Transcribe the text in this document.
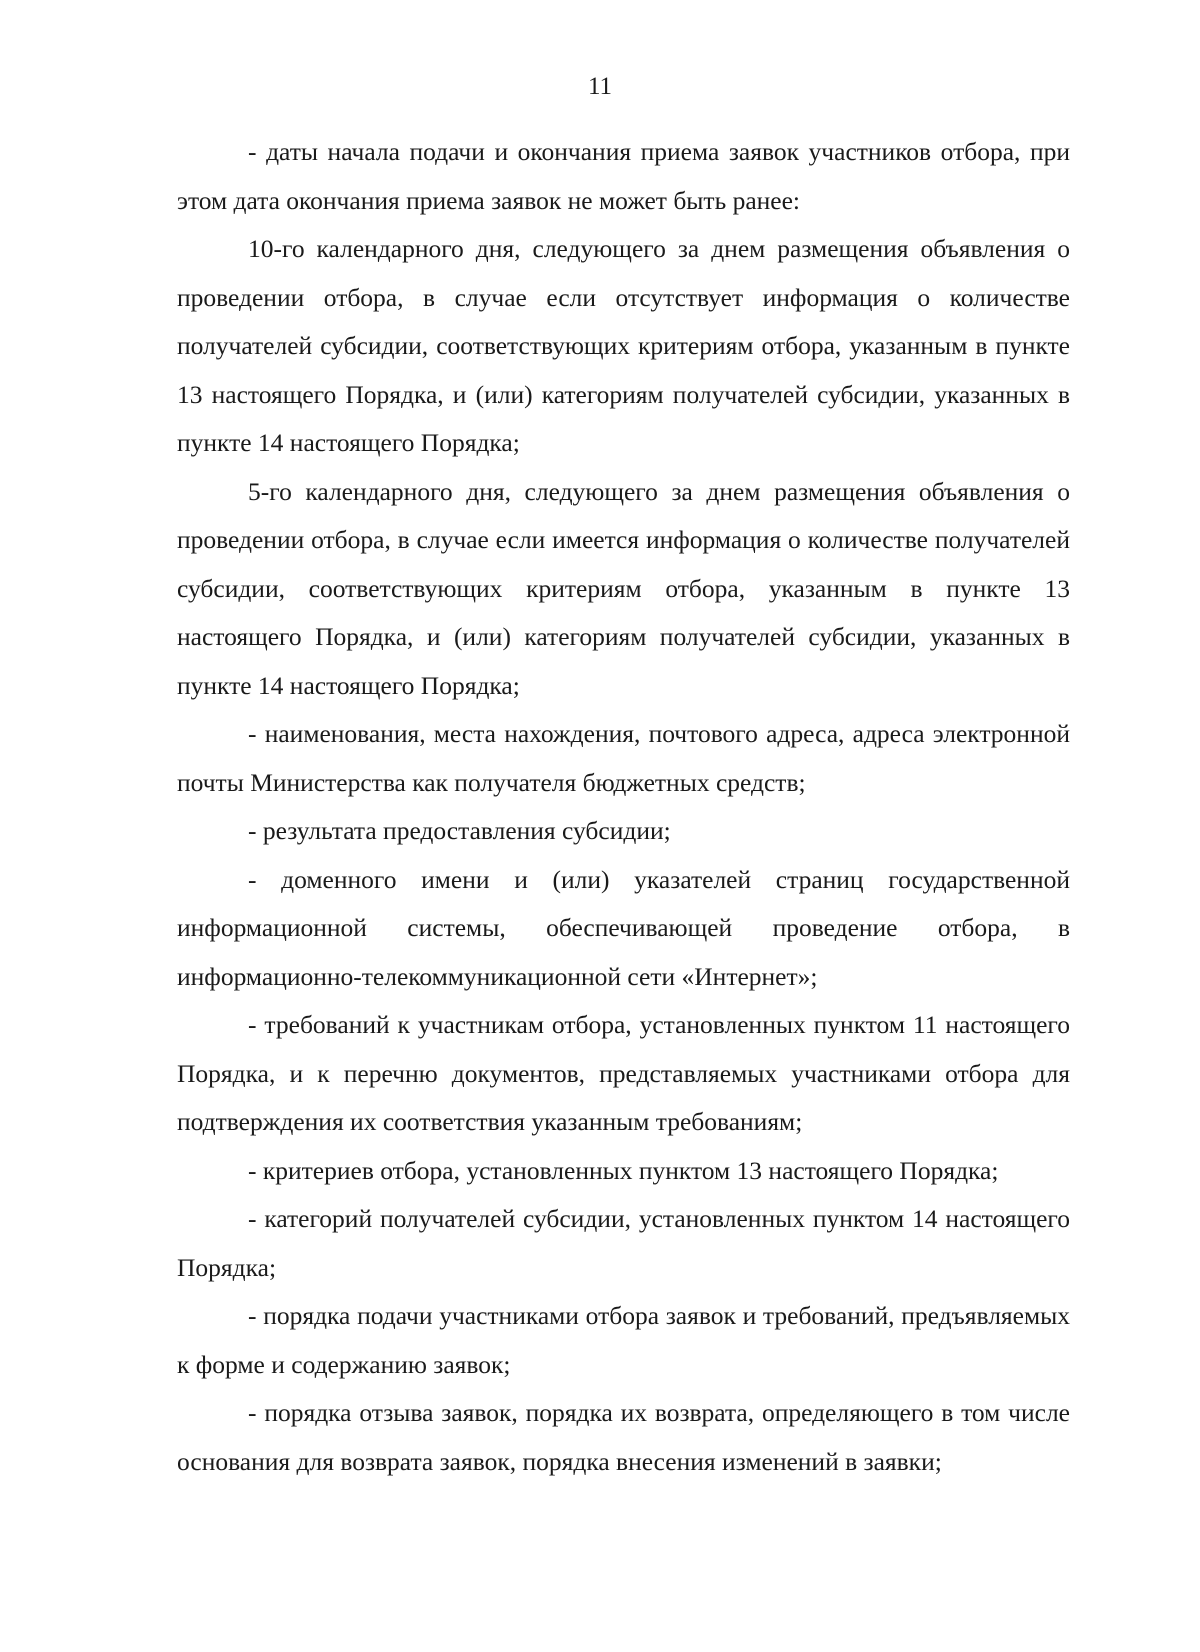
11

- даты начала подачи и окончания приема заявок участников отбора, при этом дата окончания приема заявок не может быть ранее:

10-го календарного дня, следующего за днем размещения объявления о проведении отбора, в случае если отсутствует информация о количестве получателей субсидии, соответствующих критериям отбора, указанным в пункте 13 настоящего Порядка, и (или) категориям получателей субсидии, указанных в пункте 14 настоящего Порядка;

5-го календарного дня, следующего за днем размещения объявления о проведении отбора, в случае если имеется информация о количестве получателей субсидии, соответствующих критериям отбора, указанным в пункте 13 настоящего Порядка, и (или) категориям получателей субсидии, указанных в пункте 14 настоящего Порядка;

- наименования, места нахождения, почтового адреса, адреса электронной почты Министерства как получателя бюджетных средств;

- результата предоставления субсидии;

- доменного имени и (или) указателей страниц государственной информационной системы, обеспечивающей проведение отбора, в информационно-телекоммуникационной сети «Интернет»;

- требований к участникам отбора, установленных пунктом 11 настоящего Порядка, и к перечню документов, представляемых участниками отбора для подтверждения их соответствия указанным требованиям;

- критериев отбора, установленных пунктом 13 настоящего Порядка;

- категорий получателей субсидии, установленных пунктом 14 настоящего Порядка;

- порядка подачи участниками отбора заявок и требований, предъявляемых к форме и содержанию заявок;

- порядка отзыва заявок, порядка их возврата, определяющего в том числе основания для возврата заявок, порядка внесения изменений в заявки;
